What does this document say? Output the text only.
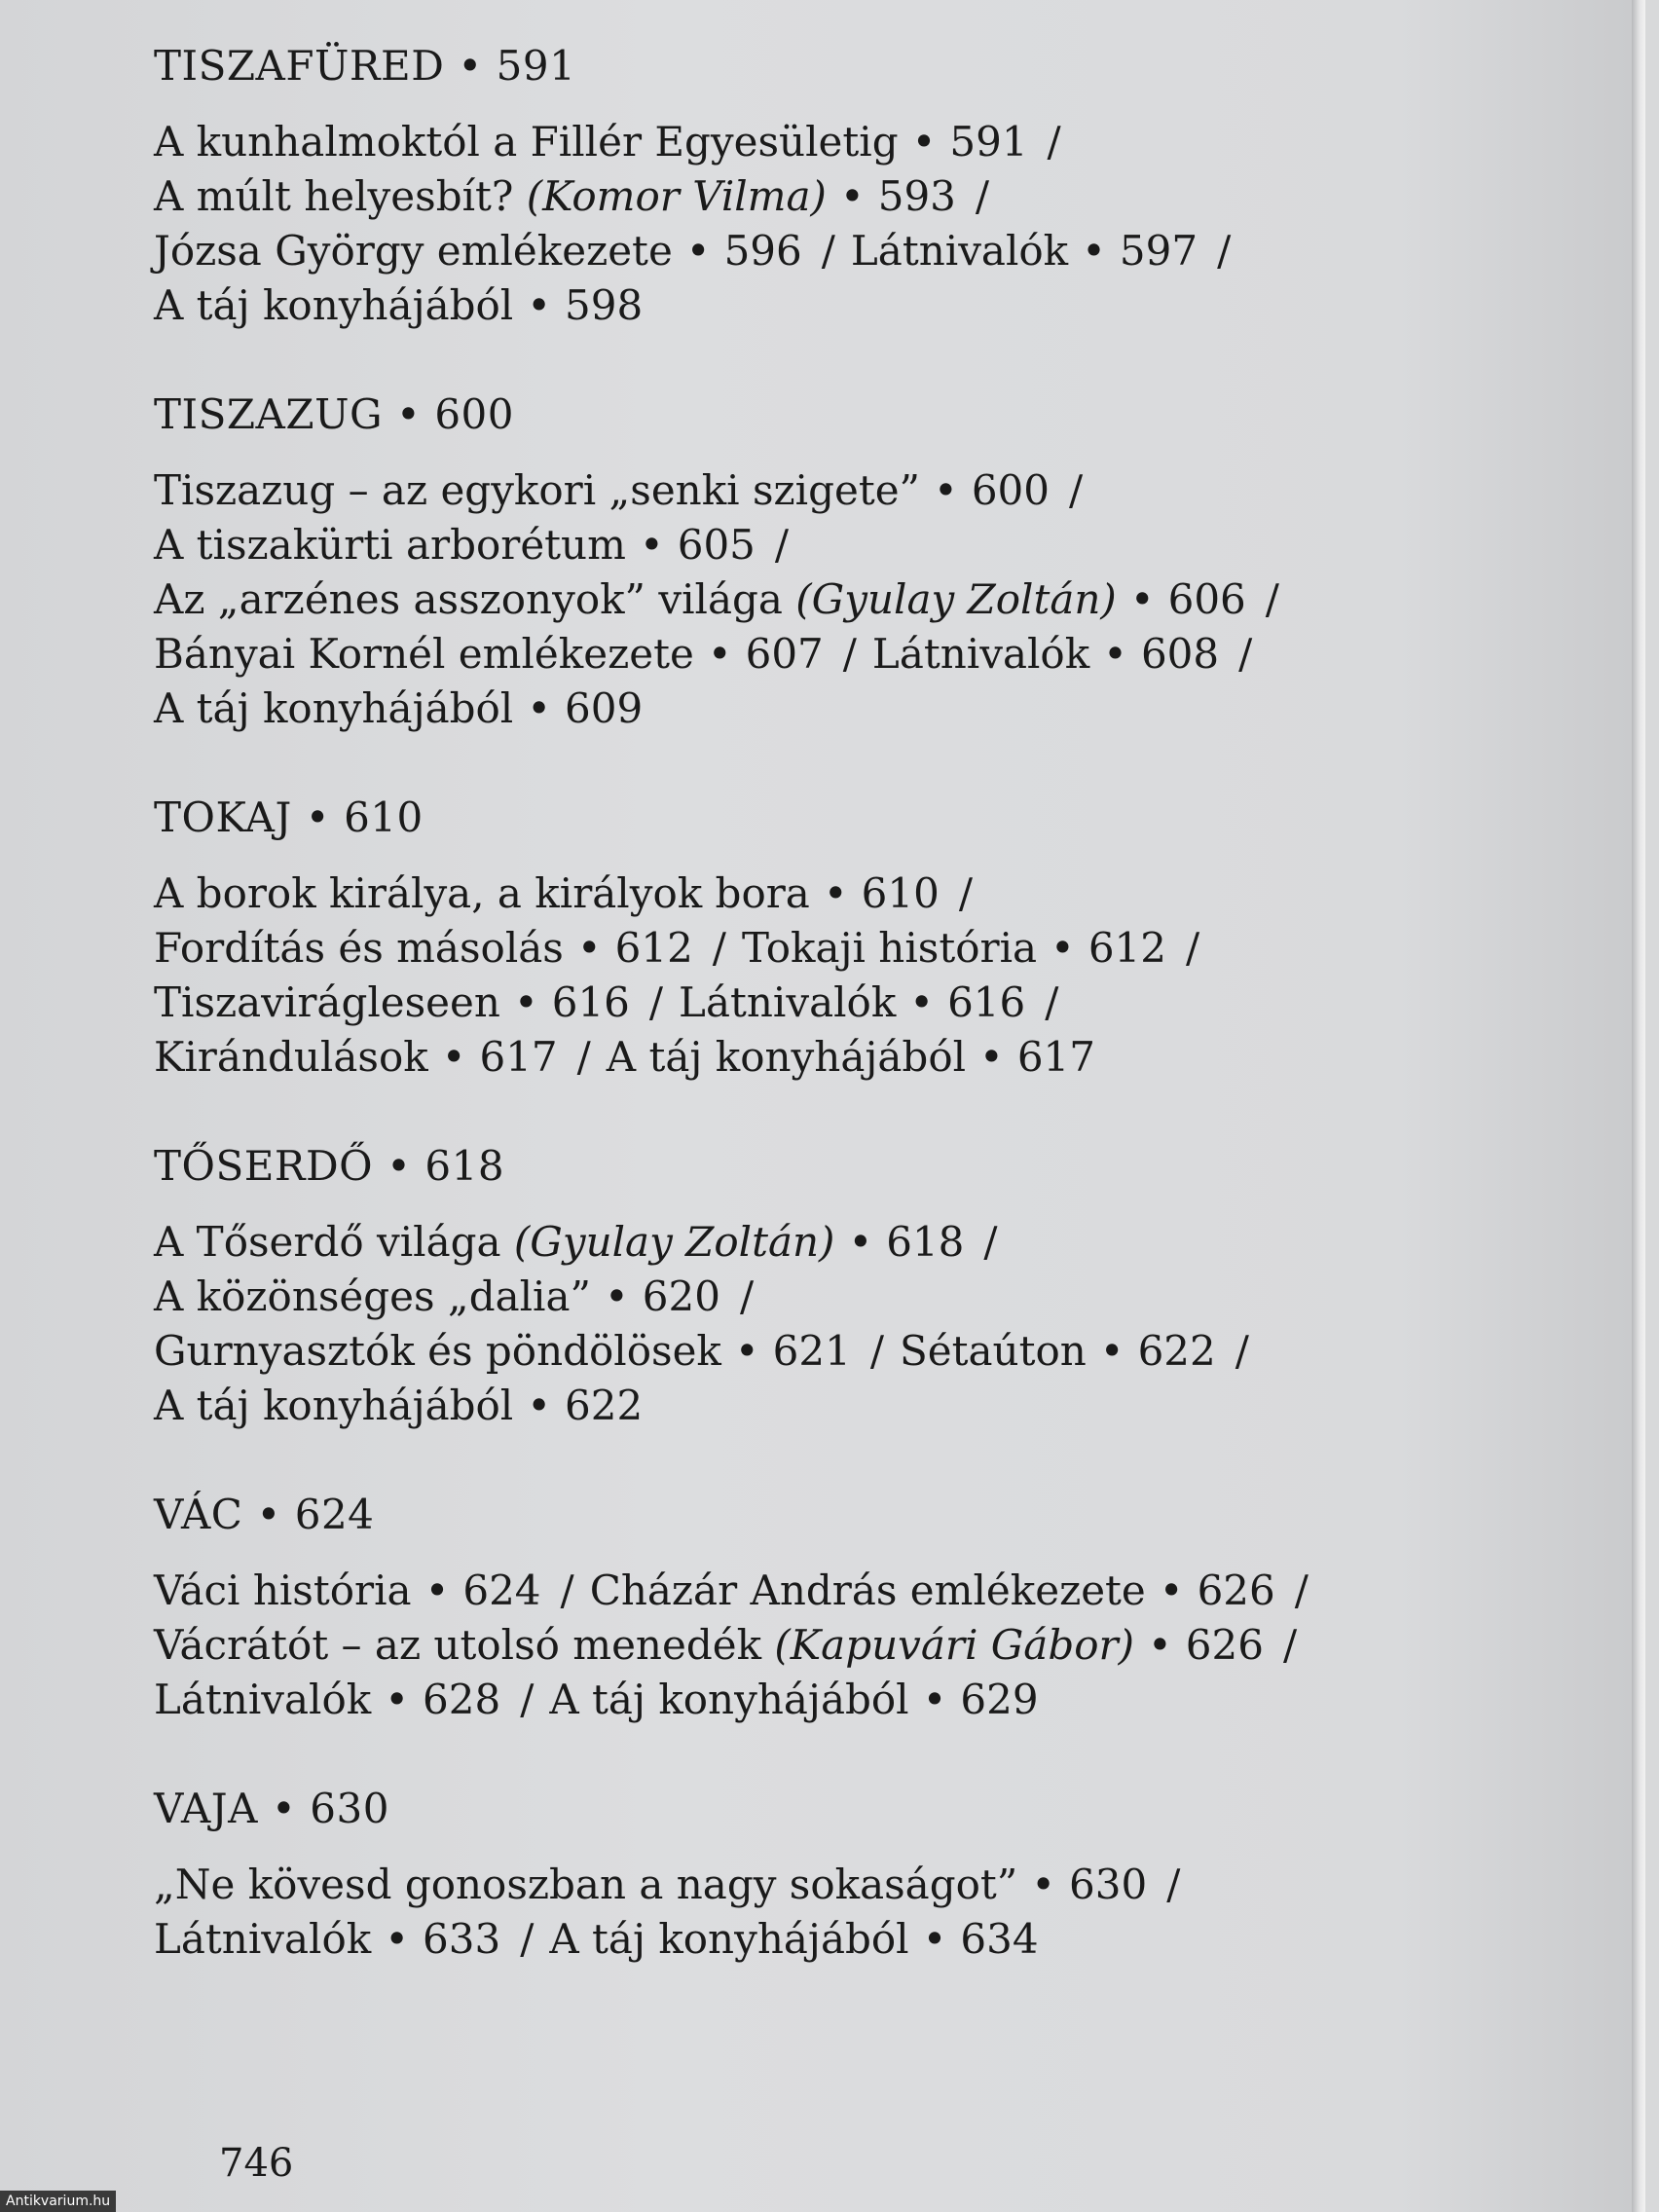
TISZAFÜRED • 591
A kunhalmoktól a Fillér Egyesületig • 591 /
A múlt helyesbít? (Komor Vilma) • 593 /
Józsa György emlékezete • 596 / Látnivalók • 597 /
A táj konyhájából • 598
TISZAZUG • 600
Tiszazug – az egykori „senki szigete” • 600 /
A tiszakürti arborétum • 605 /
Az „arzénes asszonyok” világa (Gyulay Zoltán) • 606 /
Bányai Kornél emlékezete • 607 / Látnivalók • 608 /
A táj konyhájából • 609
TOKAJ • 610
A borok királya, a királyok bora • 610 /
Fordítás és másolás • 612 / Tokaji história • 612 /
Tiszavirágleseen • 616 / Látnivalók • 616 /
Kirándulások • 617 / A táj konyhájából • 617
TŐSERDŐ • 618
A Tőserdő világa (Gyulay Zoltán) • 618 /
A közönséges „dalia” • 620 /
Gurnyasztók és pöndölösek • 621 / Sétaúton • 622 /
A táj konyhájából • 622
VÁC • 624
Váci história • 624 / Cházár András emlékezete • 626 /
Vácrátót – az utolsó menedék (Kapuvári Gábor) • 626 /
Látnivalók • 628 / A táj konyhájából • 629
VAJA • 630
„Ne kövesd gonoszban a nagy sokaságot” • 630 /
Látnivalók • 633 / A táj konyhájából • 634
746
Antikvarium.hu
